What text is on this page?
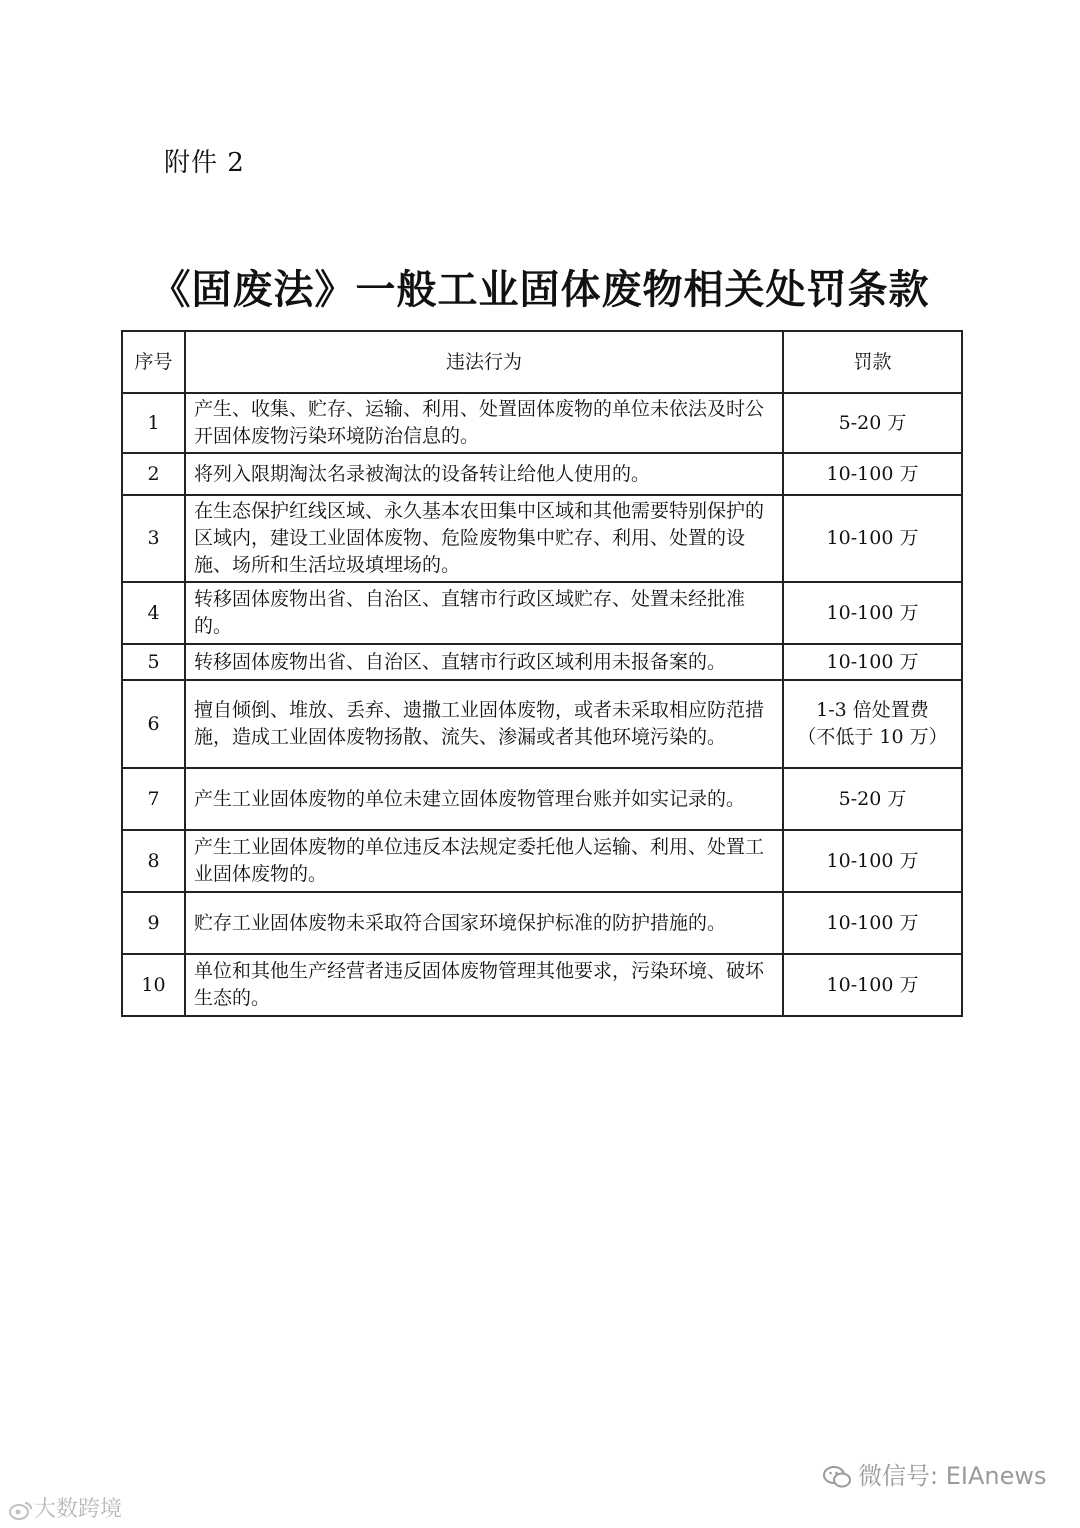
附件 2
《固废法》一般工业固体废物相关处罚条款
序号	违法行为	罚款
1	产生、收集、贮存、运输、利用、处置固体废物的单位未依法及时公开固体废物污染环境防治信息的。	5-20 万
2	将列入限期淘汰名录被淘汰的设备转让给他人使用的。	10-100 万
3	在生态保护红线区域、永久基本农田集中区域和其他需要特别保护的区域内，建设工业固体废物、危险废物集中贮存、利用、处置的设施、场所和生活垃圾填埋场的。	10-100 万
4	转移固体废物出省、自治区、直辖市行政区域贮存、处置未经批准的。	10-100 万
5	转移固体废物出省、自治区、直辖市行政区域利用未报备案的。	10-100 万
6	擅自倾倒、堆放、丢弃、遗撒工业固体废物，或者未采取相应防范措施，造成工业固体废物扬散、流失、渗漏或者其他环境污染的。	1-3 倍处置费
（不低于 10 万）

7	产生工业固体废物的单位未建立固体废物管理台账并如实记录的。	5-20 万
8	产生工业固体废物的单位违反本法规定委托他人运输、利用、处置工业固体废物的。	10-100 万
9	贮存工业固体废物未采取符合国家环境保护标准的防护措施的。	10-100 万
10	单位和其他生产经营者违反固体废物管理其他要求，污染环境、破坏生态的。	10-100 万
微信号: EIAnews
大数跨境
